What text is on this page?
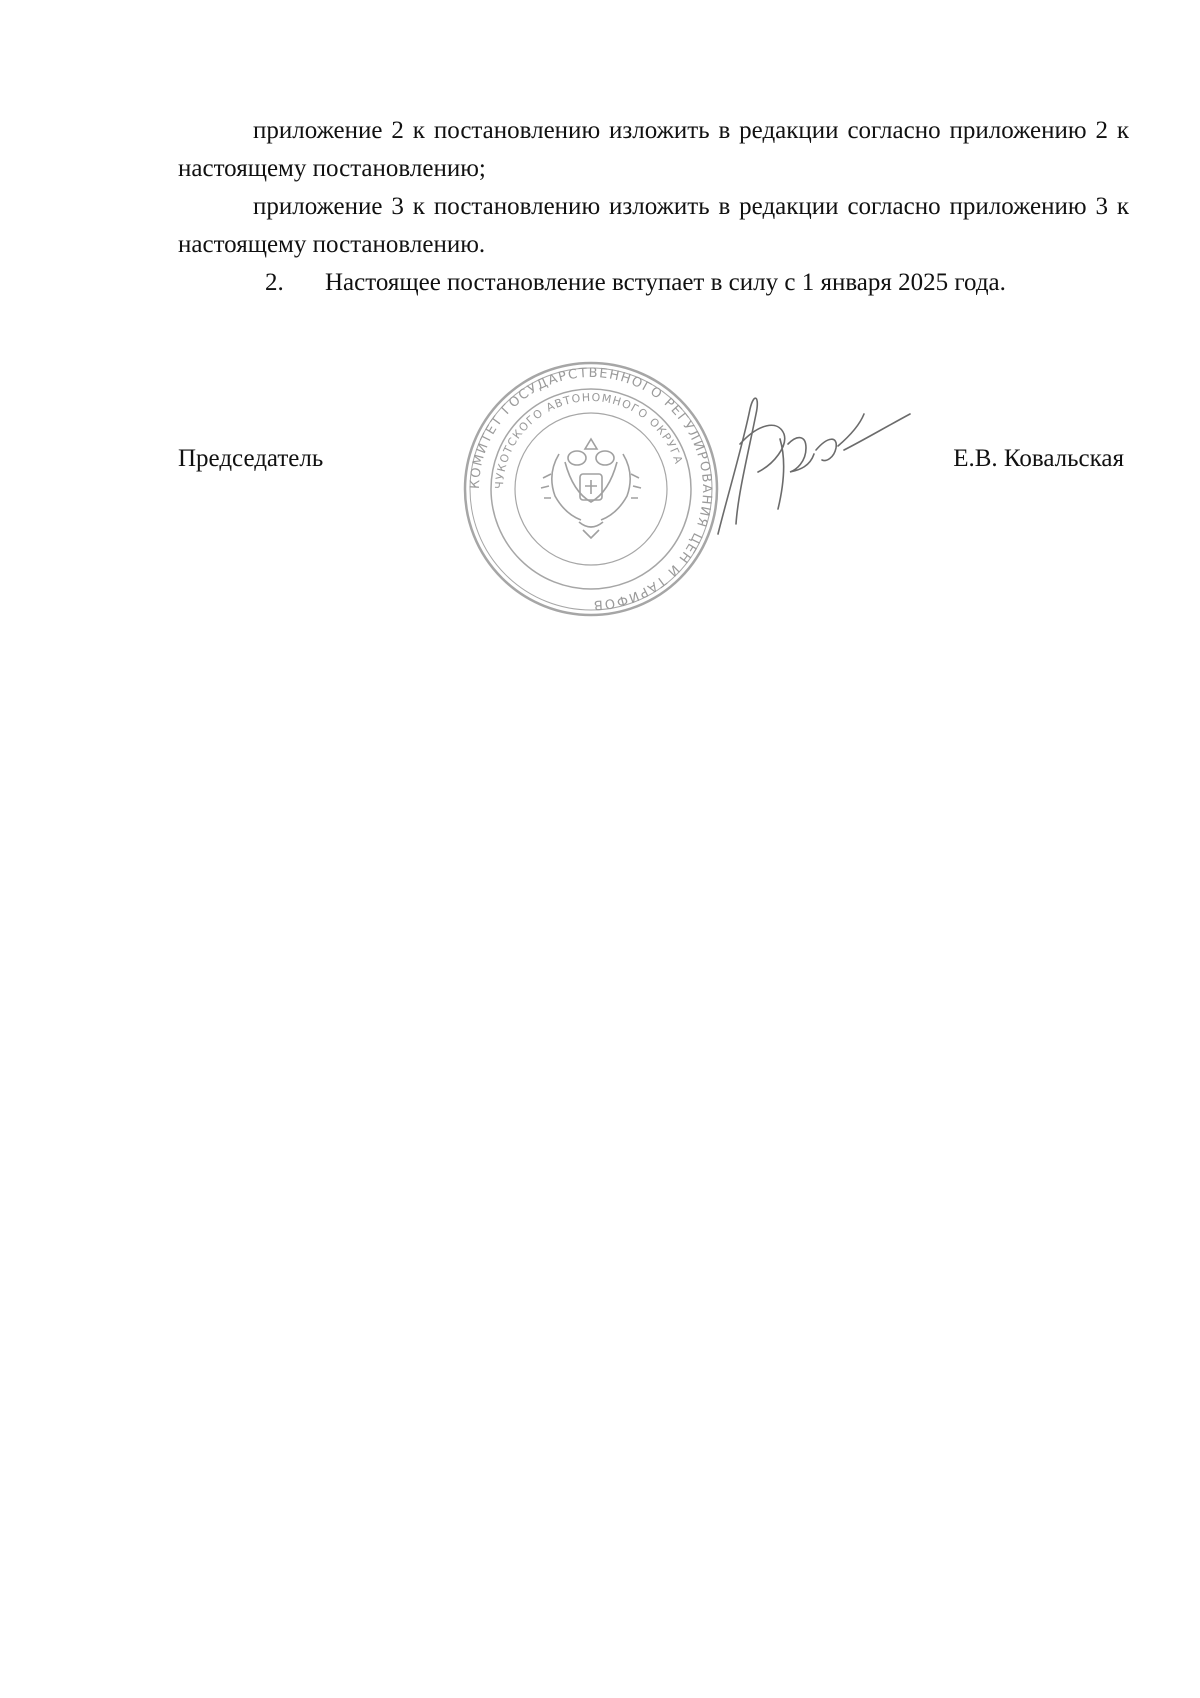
приложение 2 к постановлению изложить в редакции согласно приложению 2 к настоящему постановлению;

приложение 3 к постановлению изложить в редакции согласно приложению 3 к настоящему постановлению.

2. Настоящее постановление вступает в силу с 1 января 2025 года.

Председатель
КОМИТЕТ ГОСУДАРСТВЕННОГО РЕГУЛИРОВАНИЯ ЦЕН И ТАРИФОВ
ЧУКОТСКОГО АВТОНОМНОГО ОКРУГА	Е.В. Ковальская
